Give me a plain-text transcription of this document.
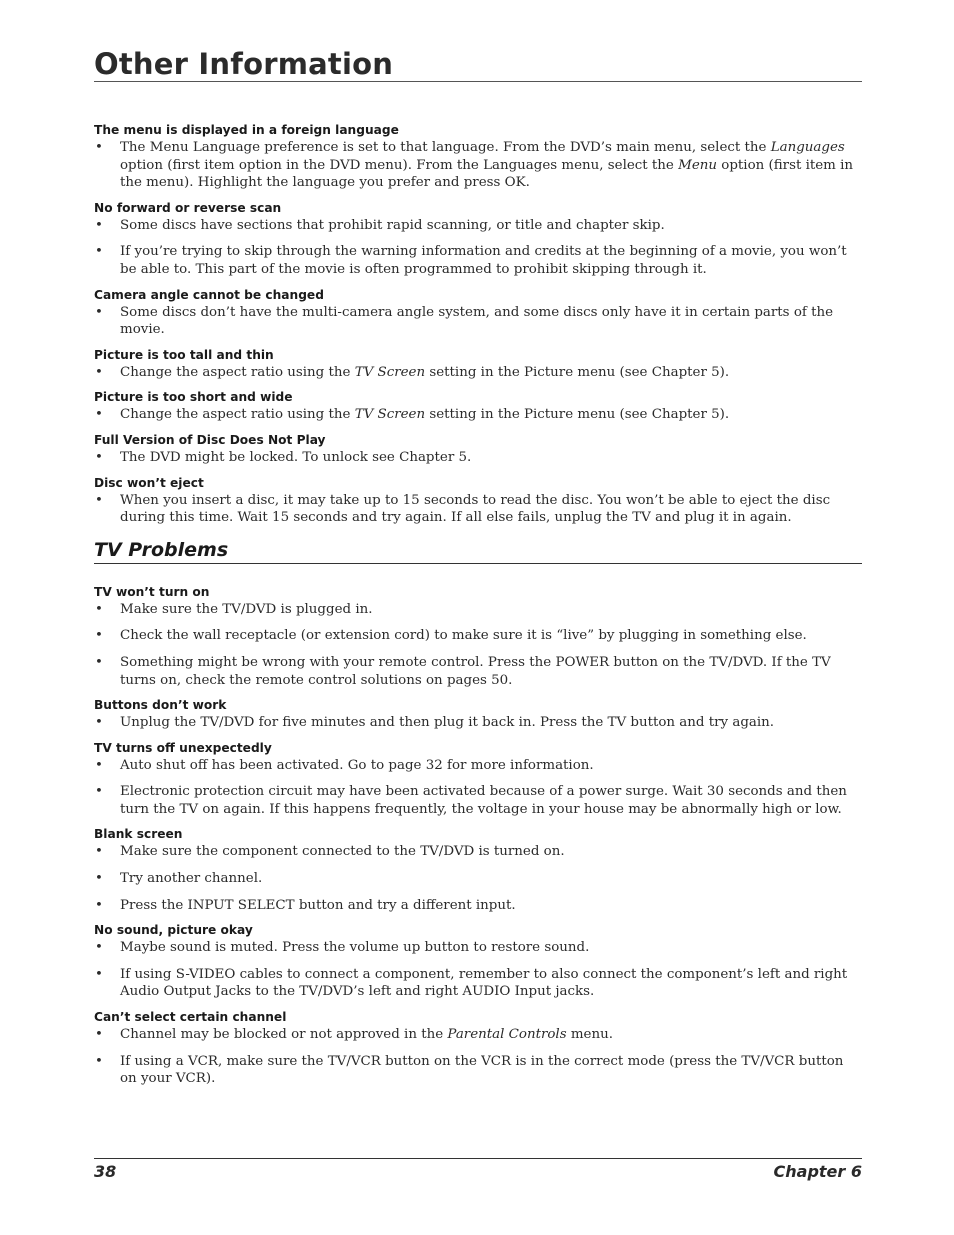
Other Information
The menu is displayed in a foreign language
• The Menu Language preference is set to that language. From the DVD’s main menu, select the Languages option (first item option in the DVD menu). From the Languages menu, select the Menu option (first item in the menu). Highlight the language you prefer and press OK.
No forward or reverse scan
• Some discs have sections that prohibit rapid scanning, or title and chapter skip.
• If you’re trying to skip through the warning information and credits at the beginning of a movie, you won’t be able to. This part of the movie is often programmed to prohibit skipping through it.
Camera angle cannot be changed
• Some discs don’t have the multi-camera angle system, and some discs only have it in certain parts of the movie.
Picture is too tall and thin
• Change the aspect ratio using the TV Screen setting in the Picture menu (see Chapter 5).
Picture is too short and wide
• Change the aspect ratio using the TV Screen setting in the Picture menu (see Chapter 5).
Full Version of Disc Does Not Play
• The DVD might be locked. To unlock see Chapter 5.
Disc won’t eject
• When you insert a disc, it may take up to 15 seconds to read the disc. You won’t be able to eject the disc during this time. Wait 15 seconds and try again. If all else fails, unplug the TV and plug it in again.
TV Problems
TV won’t turn on
• Make sure the TV/DVD is plugged in.
• Check the wall receptacle (or extension cord) to make sure it is “live” by plugging in something else.
• Something might be wrong with your remote control. Press the POWER button on the TV/DVD. If the TV turns on, check the remote control solutions on pages 50.
Buttons don’t work
• Unplug the TV/DVD for five minutes and then plug it back in. Press the TV button and try again.
TV turns off unexpectedly
• Auto shut off has been activated. Go to page 32 for more information.
• Electronic protection circuit may have been activated because of a power surge. Wait 30 seconds and then turn the TV on again. If this happens frequently, the voltage in your house may be abnormally high or low.
Blank screen
• Make sure the component connected to the TV/DVD is turned on.
• Try another channel.
• Press the INPUT SELECT button and try a different input.
No sound, picture okay
• Maybe sound is muted. Press the volume up button to restore sound.
• If using S-VIDEO cables to connect a component, remember to also connect the component’s left and right Audio Output Jacks to the TV/DVD’s left and right AUDIO Input jacks.
Can’t select certain channel
• Channel may be blocked or not approved in the Parental Controls menu.
• If using a VCR, make sure the TV/VCR button on the VCR is in the correct mode (press the TV/VCR button on your VCR).
38	Chapter 6
